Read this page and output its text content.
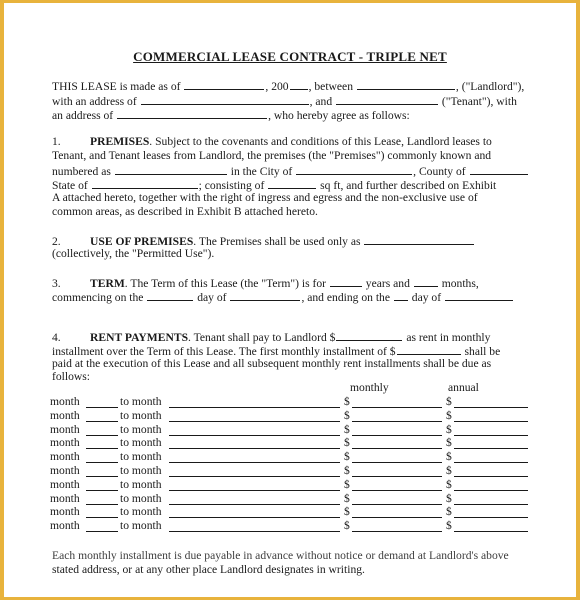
COMMERCIAL LEASE CONTRACT - TRIPLE NET
THIS LEASE is made as of	, 200 , between	, ("Landlord"),
with an address of	, and	("Tenant"), with
an address of	, who hereby agree as follows:
1.	PREMISES. Subject to the covenants and conditions of this Lease, Landlord leases to
Tenant, and Tenant leases from Landlord, the premises (the "Premises") commonly known and
numbered as	in the City of	, County of
State of	; consisting of	sq ft, and further described on Exhibit
A attached hereto, together with the right of ingress and egress and the non-exclusive use of
common areas, as described in Exhibit B attached hereto.
2.	USE OF PREMISES. The Premises shall be used only as
(collectively, the "Permitted Use").
3.	TERM. The Term of this Lease (the "Term") is for	years and  months,
commencing on the	day of	, and ending on the  day of
4.	RENT PAYMENTS. Tenant shall pay to Landlord $	as rent in monthly
installment over the Term of this Lease. The first monthly installment of $	shall be
paid at the execution of this Lease and all subsequent monthly rent installments shall be due as
follows:
monthly	annual
month	to month	$	$
month	to month	$	$
month	to month	$	$
month	to month	$	$
month	to month	$	$
month	to month	$	$
month	to month	$	$
month	to month	$	$
month	to month	$	$
month	to month	$	$
Each monthly installment is due payable in advance without notice or demand at Landlord's above
stated address, or at any other place Landlord designates in writing.
